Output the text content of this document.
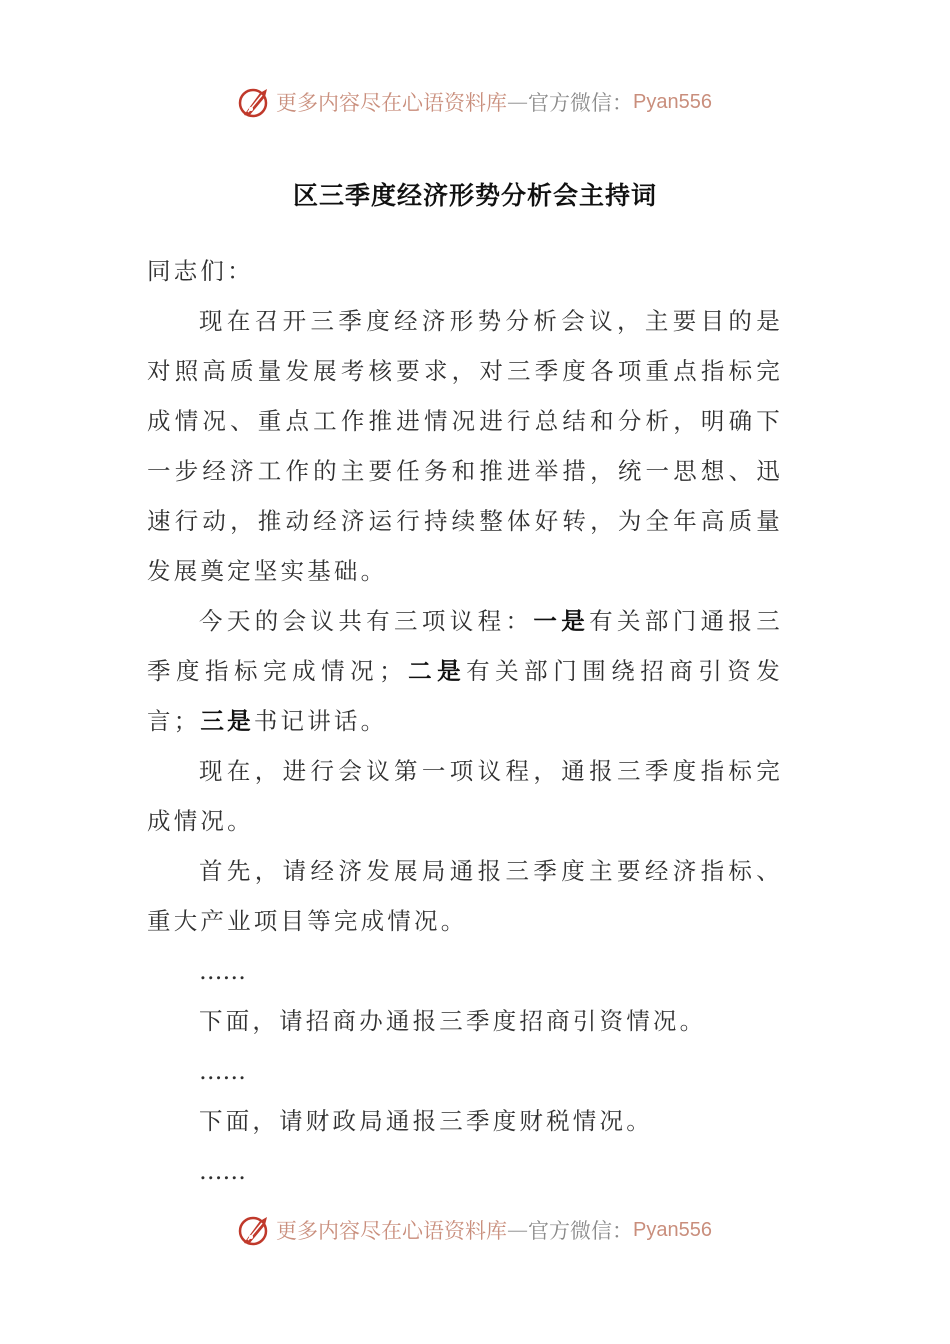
更多内容尽在心语资料库 — 官方微信： Pyan556
区三季度经济形势分析会主持词

同志们：

现在召开三季度经济形势分析会议，主要目的是对照高质量发展考核要求，对三季度各项重点指标完成情况、重点工作推进情况进行总结和分析，明确下一步经济工作的主要任务和推进举措，统一思想、迅速行动，推动经济运行持续整体好转，为全年高质量发展奠定坚实基础。

今天的会议共有三项议程：一是有关部门通报三季度指标完成情况；二是有关部门围绕招商引资发言；三是书记讲话。

现在，进行会议第一项议程，通报三季度指标完成情况。

首先，请经济发展局通报三季度主要经济指标、重大产业项目等完成情况。

……

下面，请招商办通报三季度招商引资情况。

……

下面，请财政局通报三季度财税情况。

……

更多内容尽在心语资料库 — 官方微信： Pyan556
